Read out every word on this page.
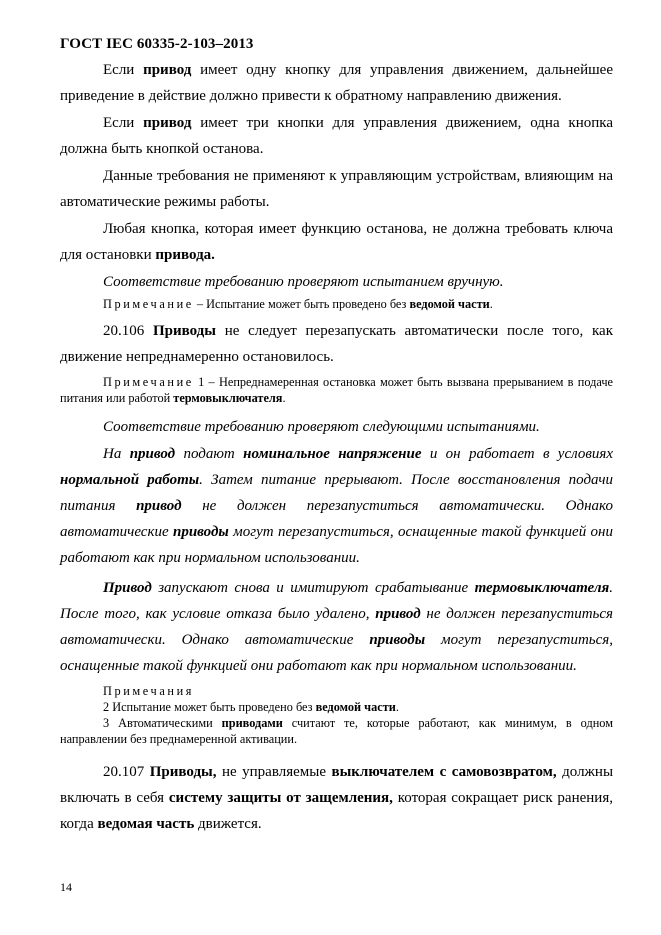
ГОСТ IEC 60335-2-103–2013

Если привод имеет одну кнопку для управления движением, дальнейшее приведение в действие должно привести к обратному направлению движения.

Если привод имеет три кнопки для управления движением, одна кнопка должна быть кнопкой останова.

Данные требования не применяют к управляющим устройствам, влияющим на автоматические режимы работы.

Любая кнопка, которая имеет функцию останова, не должна требовать ключа для остановки привода.

Соответствие требованию проверяют испытанием вручную.

Примечание – Испытание может быть проведено без ведомой части.

20.106 Приводы не следует перезапускать автоматически после того, как движение непреднамеренно остановилось.

Примечание 1 – Непреднамеренная остановка может быть вызвана прерыванием в подаче питания или работой термовыключателя.

Соответствие требованию проверяют следующими испытаниями.

На привод подают номинальное напряжение и он работает в условиях нормальной работы. Затем питание прерывают. После восстановления подачи питания привод не должен перезапуститься автоматически. Однако автоматические приводы могут перезапуститься, оснащенные такой функцией они работают как при нормальном использовании.

Привод запускают снова и имитируют срабатывание термовыключателя. После того, как условие отказа было удалено, привод не должен перезапуститься автоматически. Однако автоматические приводы могут перезапуститься, оснащенные такой функцией они работают как при нормальном использовании.

Примечания

2 Испытание может быть проведено без ведомой части.

3 Автоматическими приводами считают те, которые работают, как минимум, в одном направлении без преднамеренной активации.

20.107 Приводы, не управляемые выключателем с самовозвратом, должны включать в себя систему защиты от защемления, которая сокращает риск ранения, когда ведомая часть движется.

14
